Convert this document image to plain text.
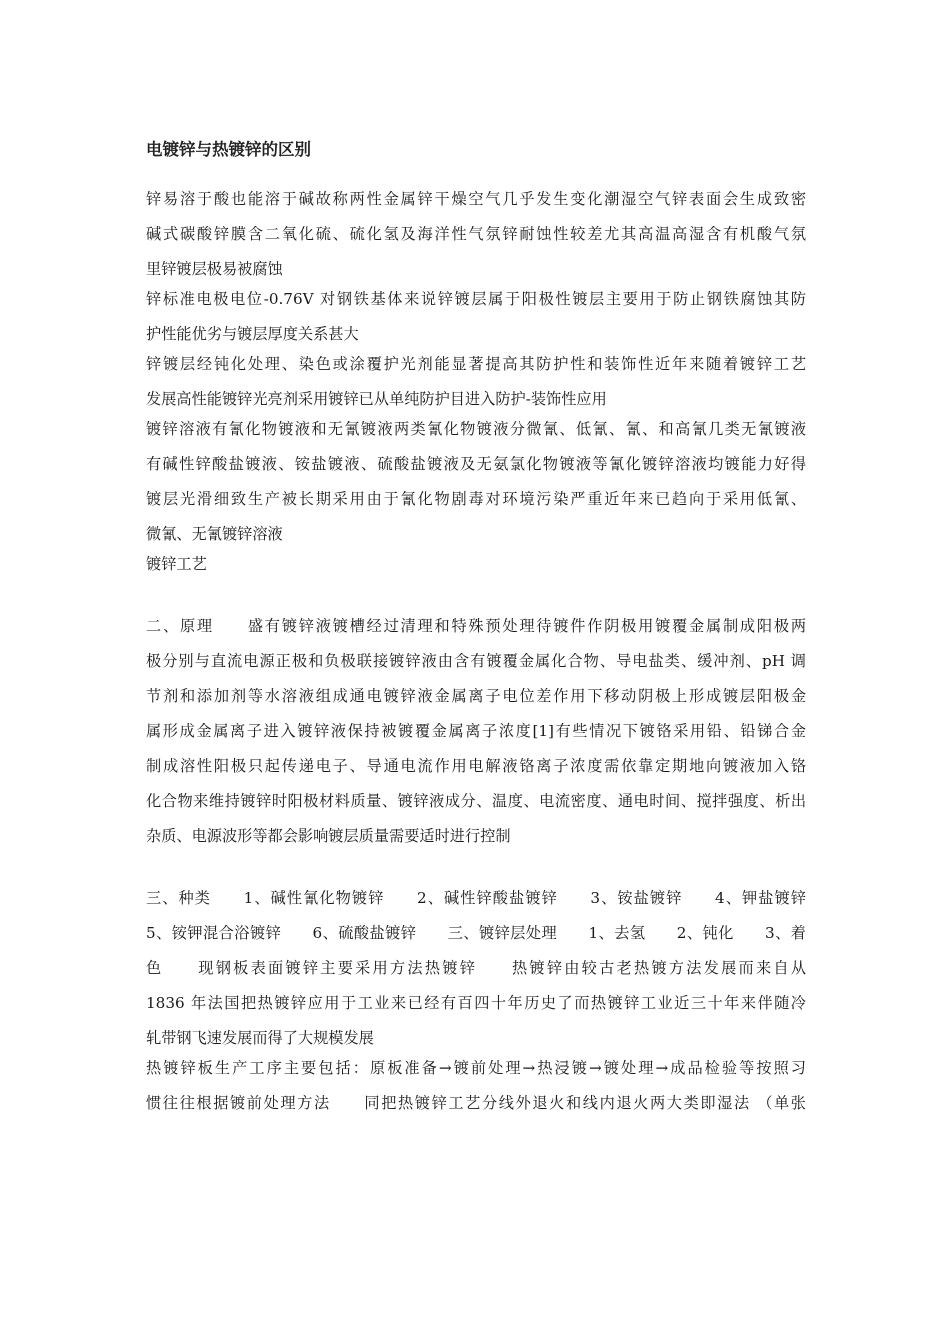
电镀锌与热镀锌的区别
锌易溶于酸也能溶于碱故称两性金属锌干燥空气几乎发生变化潮湿空气锌表面会生成致密
碱式碳酸锌膜含二氧化硫、硫化氢及海洋性气氛锌耐蚀性较差尤其高温高湿含有机酸气氛
里锌镀层极易被腐蚀
锌标准电极电位-0.76V 对钢铁基体来说锌镀层属于阳极性镀层主要用于防止钢铁腐蚀其防
护性能优劣与镀层厚度关系甚大
锌镀层经钝化处理、染色或涂覆护光剂能显著提高其防护性和装饰性近年来随着镀锌工艺
发展高性能镀锌光亮剂采用镀锌已从单纯防护目进入防护-装饰性应用
镀锌溶液有氰化物镀液和无氰镀液两类氰化物镀液分微氰、低氰、氰、和高氰几类无氰镀液
有碱性锌酸盐镀液、铵盐镀液、硫酸盐镀液及无氨氯化物镀液等氰化镀锌溶液均镀能力好得
镀层光滑细致生产被长期采用由于氰化物剧毒对环境污染严重近年来已趋向于采用低氰、
微氰、无氰镀锌溶液
镀锌工艺
二、原理　　盛有镀锌液镀槽经过清理和特殊预处理待镀件作阴极用镀覆金属制成阳极两
极分别与直流电源正极和负极联接镀锌液由含有镀覆金属化合物、导电盐类、缓冲剂、pH 调
节剂和添加剂等水溶液组成通电镀锌液金属离子电位差作用下移动阴极上形成镀层阳极金
属形成金属离子进入镀锌液保持被镀覆金属离子浓度[1]有些情况下镀铬采用铅、铅锑合金
制成溶性阳极只起传递电子、导通电流作用电解液铬离子浓度需依靠定期地向镀液加入铬
化合物来维持镀锌时阳极材料质量、镀锌液成分、温度、电流密度、通电时间、搅拌强度、析出
杂质、电源波形等都会影响镀层质量需要适时进行控制
三、种类　　1、碱性氰化物镀锌　　2、碱性锌酸盐镀锌　　3、铵盐镀锌　　4、钾盐镀锌
5、铵钾混合浴镀锌　　6、硫酸盐镀锌　　三、镀锌层处理　　1、去氢　　2、钝化　　3、着
色　　现钢板表面镀锌主要采用方法热镀锌　　热镀锌由较古老热镀方法发展而来自从
1836 年法国把热镀锌应用于工业来已经有百四十年历史了而热镀锌工业近三十年来伴随冷
轧带钢飞速发展而得了大规模发展
热镀锌板生产工序主要包括：原板准备→镀前处理→热浸镀→镀处理→成品检验等按照习
惯往往根据镀前处理方法　　同把热镀锌工艺分线外退火和线内退火两大类即湿法 （单张
